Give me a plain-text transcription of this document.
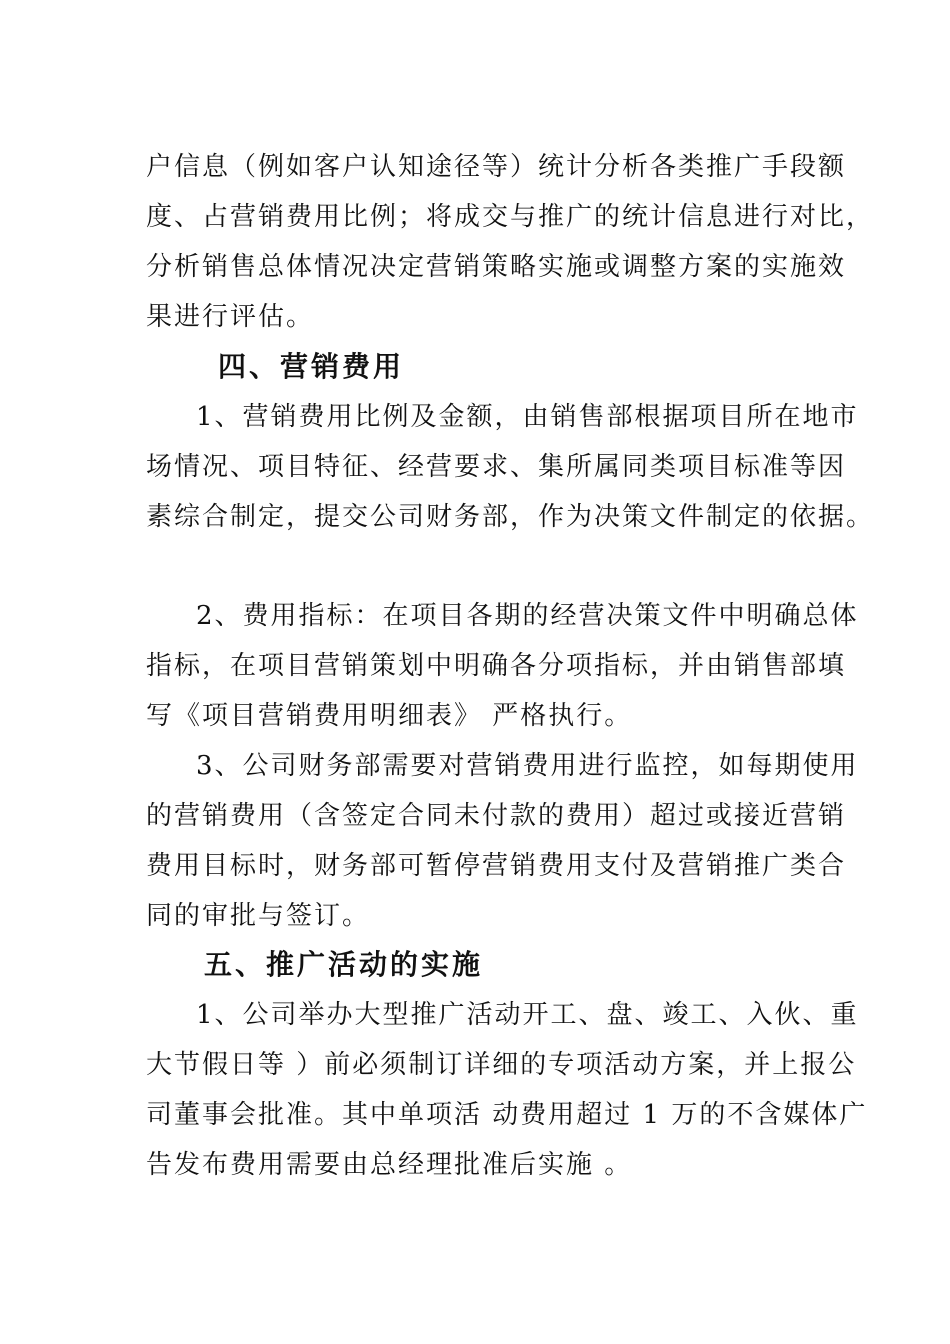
户信息（例如客户认知途径等）统计分析各类推广手段额
度、占营销费用比例；将成交与推广的统计信息进行对比，
分析销售总体情况决定营销策略实施或调整方案的实施效
果进行评估。
四、营销费用
1、营销费用比例及金额，由销售部根据项目所在地市
场情况、项目特征、经营要求、集所属同类项目标准等因
素综合制定，提交公司财务部，作为决策文件制定的依据。
2、费用指标：在项目各期的经营决策文件中明确总体
指标，在项目营销策划中明确各分项指标，并由销售部填
写《项目营销费用明细表》 严格执行。
3、公司财务部需要对营销费用进行监控，如每期使用
的营销费用（含签定合同未付款的费用）超过或接近营销
费用目标时，财务部可暂停营销费用支付及营销推广类合
同的审批与签订。
五、推广活动的实施
1、公司举办大型推广活动开工、盘、竣工、入伙、重
大节假日等 ）前必须制订详细的专项活动方案，并上报公
司董事会批准。其中单项活 动费用超过 1 万的不含媒体广
告发布费用需要由总经理批准后实施 。
